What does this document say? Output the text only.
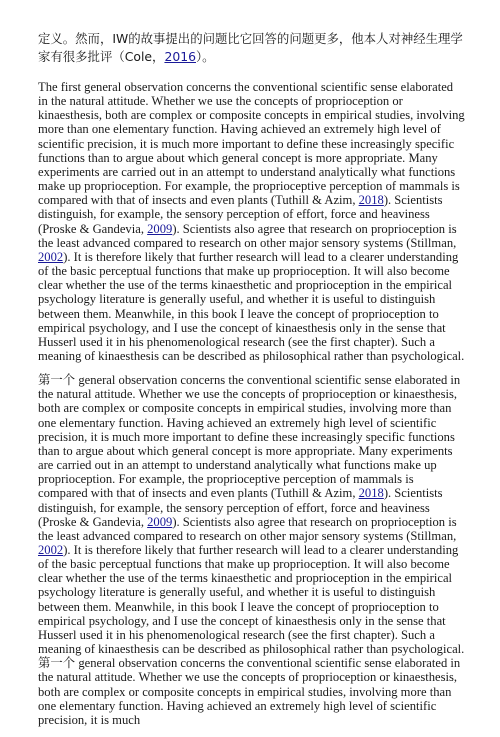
定义。然而，IW的故事提出的问题比它回答的问题更多，他本人对神经生理学家有很多批评（Cole，2016）。

The first general observation concerns the conventional scientific sense elaborated in the natural attitude. Whether we use the concepts of proprioception or kinaesthesis, both are complex or composite concepts in empirical studies, involving more than one elementary function. Having achieved an extremely high level of scientific precision, it is much more important to define these increasingly specific functions than to argue about which general concept is more appropriate. Many experiments are carried out in an attempt to understand analytically what functions make up proprioception. For example, the proprioceptive perception of mammals is compared with that of insects and even plants (Tuthill & Azim, 2018). Scientists distinguish, for example, the sensory perception of effort, force and heaviness (Proske & Gandevia, 2009). Scientists also agree that research on proprioception is the least advanced compared to research on other major sensory systems (Stillman, 2002). It is therefore likely that further research will lead to a clearer understanding of the basic perceptual functions that make up proprioception. It will also become clear whether the use of the terms kinaesthetic and proprioception in the empirical psychology literature is generally useful, and whether it is useful to distinguish between them. Meanwhile, in this book I leave the concept of proprioception to empirical psychology, and I use the concept of kinaesthesis only in the sense that Husserl used it in his phenomenological research (see the first chapter). Such a meaning of kinaesthesis can be described as philosophical rather than psychological.

第一个 general observation concerns the conventional scientific sense elaborated in the natural attitude. Whether we use the concepts of proprioception or kinaesthesis, both are complex or composite concepts in empirical studies, involving more than one elementary function. Having achieved an extremely high level of scientific precision, it is much more important to define these increasingly specific functions than to argue about which general concept is more appropriate. Many experiments are carried out in an attempt to understand analytically what functions make up proprioception. For example, the proprioceptive perception of mammals is compared with that of insects and even plants (Tuthill & Azim, 2018). Scientists distinguish, for example, the sensory perception of effort, force and heaviness (Proske & Gandevia, 2009). Scientists also agree that research on proprioception is the least advanced compared to research on other major sensory systems (Stillman, 2002). It is therefore likely that further research will lead to a clearer understanding of the basic perceptual functions that make up proprioception. It will also become clear whether the use of the terms kinaesthetic and proprioception in the empirical psychology literature is generally useful, and whether it is useful to distinguish between them. Meanwhile, in this book I leave the concept of proprioception to empirical psychology, and I use the concept of kinaesthesis only in the sense that Husserl used it in his phenomenological research (see the first chapter). Such a meaning of kinaesthesis can be described as philosophical rather than psychological. 第一个 general observation concerns the conventional scientific sense elaborated in the natural attitude. Whether we use the concepts of proprioception or kinaesthesis, both are complex or composite concepts in empirical studies, involving more than one elementary function. Having achieved an extremely high level of scientific precision, it is much
